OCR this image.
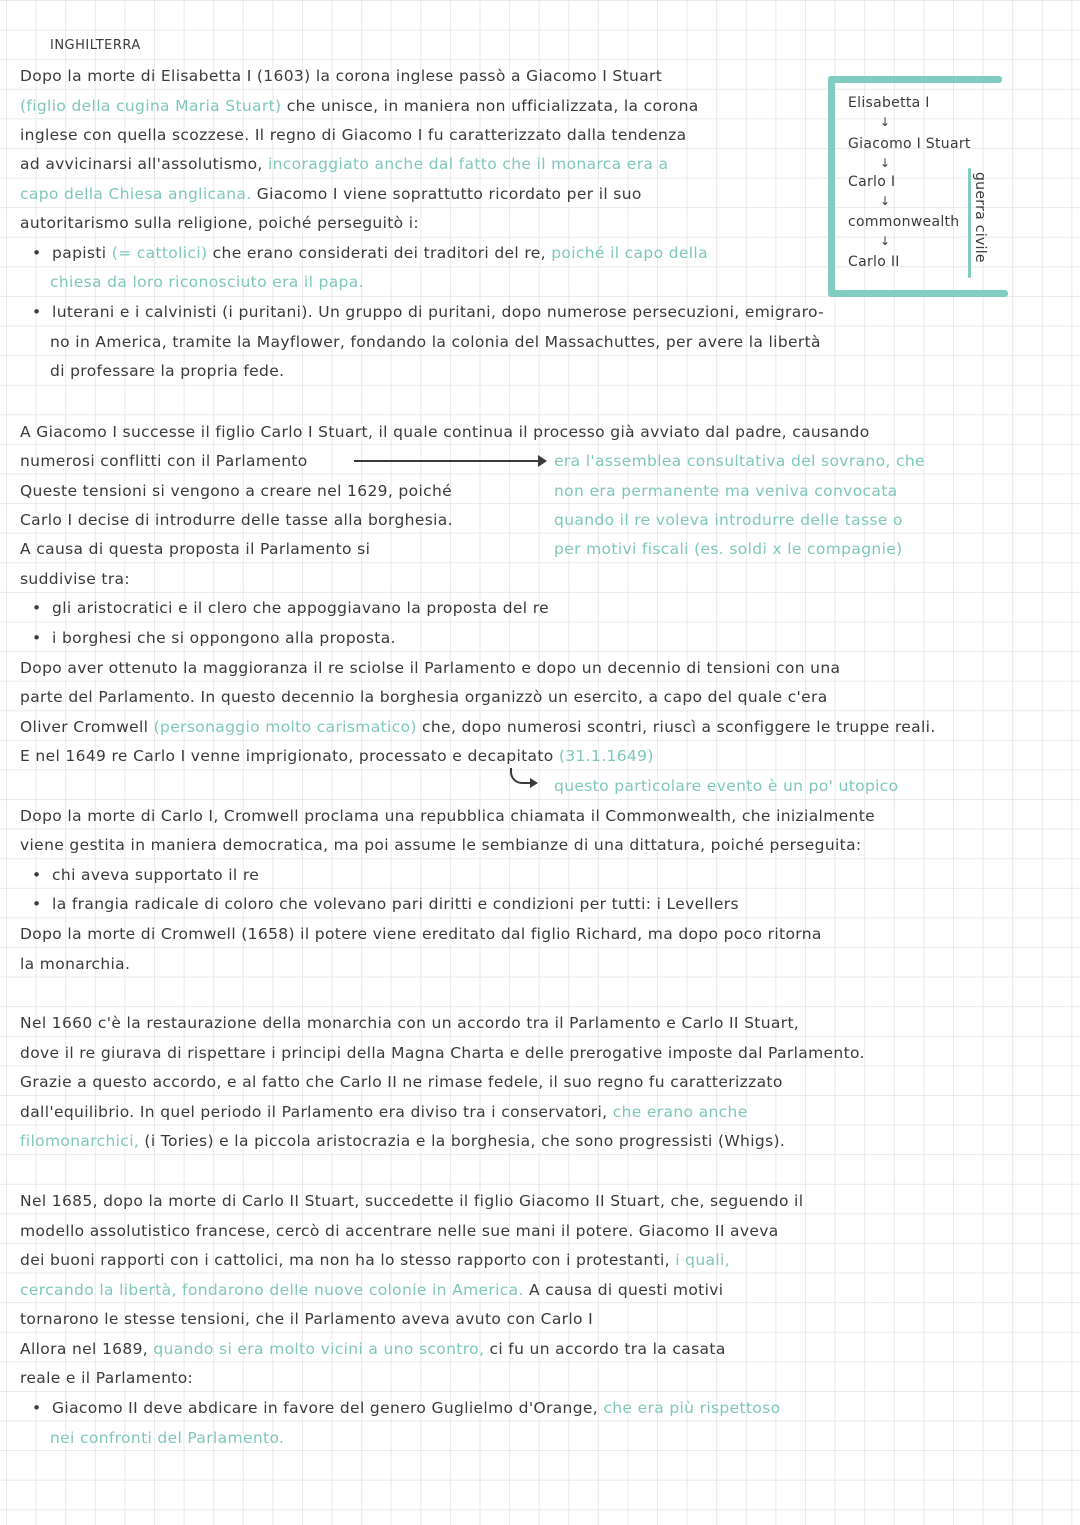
INGHILTERRA
Elisabetta I
↓
Giacomo I Stuart
↓
Carlo I
↓
commonwealth
↓
Carlo II	guerra civile
Dopo la morte di Elisabetta I (1603) la corona inglese passò a Giacomo I Stuart
(figlio della cugina Maria Stuart) che unisce, in maniera non ufficializzata, la corona
inglese con quella scozzese. Il regno di Giacomo I fu caratterizzato dalla tendenza
ad avvicinarsi all'assolutismo, incoraggiato anche dal fatto che il monarca era a
capo della Chiesa anglicana. Giacomo I viene soprattutto ricordato per il suo
autoritarismo sulla religione, poiché perseguitò i:
•  papisti (= cattolici) che erano considerati dei traditori del re, poiché il capo della
chiesa da loro riconosciuto era il papa.
•  luterani e i calvinisti (i puritani). Un gruppo di puritani, dopo numerose persecuzioni, emigraro-
no in America, tramite la Mayflower, fondando la colonia del Massachuttes, per avere la libertà
di professare la propria fede.
A Giacomo I successe il figlio Carlo I Stuart, il quale continua il processo già avviato dal padre, causando
numerosi conflitti con il Parlamento
Queste tensioni si vengono a creare nel 1629, poiché
Carlo I decise di introdurre delle tasse alla borghesia.
A causa di questa proposta il Parlamento si
suddivise tra:
era l'assemblea consultativa del sovrano, che
non era permanente ma veniva convocata
quando il re voleva introdurre delle tasse o
per motivi fiscali (es. soldi x le compagnie)
•  gli aristocratici e il clero che appoggiavano la proposta del re
•  i borghesi che si oppongono alla proposta.
Dopo aver ottenuto la maggioranza il re sciolse il Parlamento e dopo un decennio di tensioni con una
parte del Parlamento. In questo decennio la borghesia organizzò un esercito, a capo del quale c'era
Oliver Cromwell (personaggio molto carismatico) che, dopo numerosi scontri, riuscì a sconfiggere le truppe reali.
E nel 1649 re Carlo I venne imprigionato, processato e decapitato (31.1.1649)
questo particolare evento è un po' utopico
Dopo la morte di Carlo I, Cromwell proclama una repubblica chiamata il Commonwealth, che inizialmente
viene gestita in maniera democratica, ma poi assume le sembianze di una dittatura, poiché perseguita:
•  chi aveva supportato il re
•  la frangia radicale di coloro che volevano pari diritti e condizioni per tutti: i Levellers
Dopo la morte di Cromwell (1658) il potere viene ereditato dal figlio Richard, ma dopo poco ritorna
la monarchia.
Nel 1660 c'è la restaurazione della monarchia con un accordo tra il Parlamento e Carlo II Stuart,
dove il re giurava di rispettare i principi della Magna Charta e delle prerogative imposte dal Parlamento.
Grazie a questo accordo, e al fatto che Carlo II ne rimase fedele, il suo regno fu caratterizzato
dall'equilibrio. In quel periodo il Parlamento era diviso tra i conservatori, che erano anche
filomonarchici, (i Tories) e la piccola aristocrazia e la borghesia, che sono progressisti (Whigs).
Nel 1685, dopo la morte di Carlo II Stuart, succedette il figlio Giacomo II Stuart, che, seguendo il
modello assolutistico francese, cercò di accentrare nelle sue mani il potere. Giacomo II aveva
dei buoni rapporti con i cattolici, ma non ha lo stesso rapporto con i protestanti, i quali,
cercando la libertà, fondarono delle nuove colonie in America. A causa di questi motivi
tornarono le stesse tensioni, che il Parlamento aveva avuto con Carlo I
Allora nel 1689, quando si era molto vicini a uno scontro, ci fu un accordo tra la casata
reale e il Parlamento:
•  Giacomo II deve abdicare in favore del genero Guglielmo d'Orange, che era più rispettoso
nei confronti del Parlamento.
